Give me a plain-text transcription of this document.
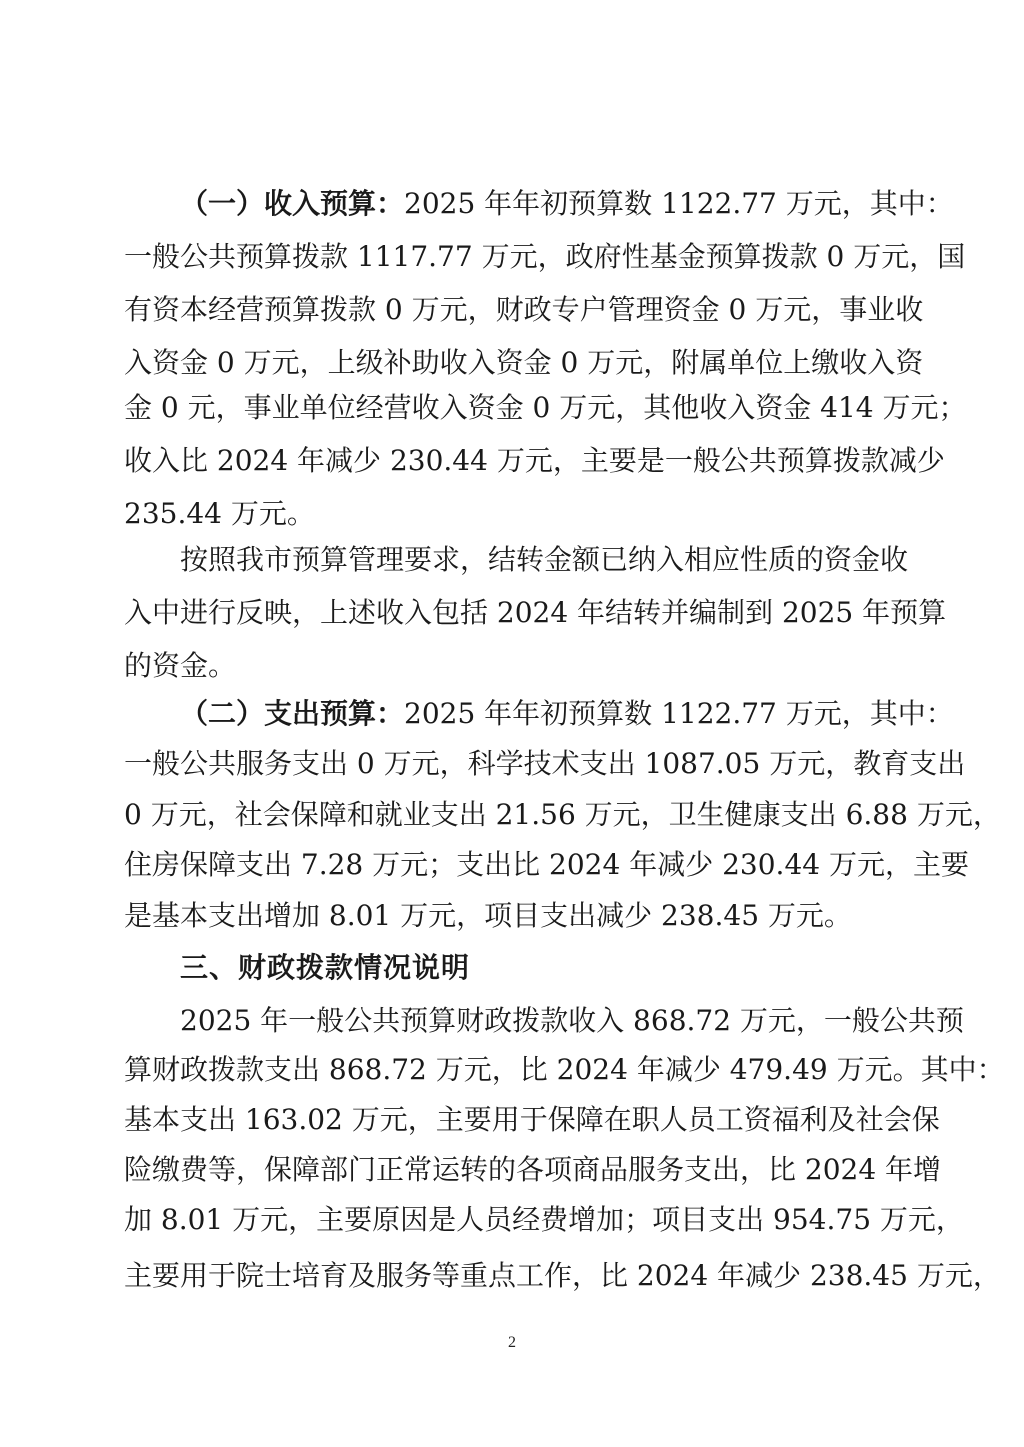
（一）收入预算：2025 年年初预算数 1122.77 万元，其中：
一般公共预算拨款 1117.77 万元，政府性基金预算拨款 0 万元，国
有资本经营预算拨款 0 万元，财政专户管理资金 0 万元，事业收
入资金 0 万元，上级补助收入资金 0 万元，附属单位上缴收入资
金 0 元，事业单位经营收入资金 0 万元，其他收入资金 414 万元；
收入比 2024 年减少 230.44 万元，主要是一般公共预算拨款减少
235.44 万元。
按照我市预算管理要求，结转金额已纳入相应性质的资金收
入中进行反映，上述收入包括 2024 年结转并编制到 2025 年预算
的资金。
（二）支出预算：2025 年年初预算数 1122.77 万元，其中：
一般公共服务支出 0 万元，科学技术支出 1087.05 万元，教育支出
0 万元，社会保障和就业支出 21.56 万元，卫生健康支出 6.88 万元，
住房保障支出 7.28 万元；支出比 2024 年减少 230.44 万元，主要
是基本支出增加 8.01 万元，项目支出减少 238.45 万元。
三、财政拨款情况说明
2025 年一般公共预算财政拨款收入 868.72 万元，一般公共预
算财政拨款支出 868.72 万元，比 2024 年减少 479.49 万元。其中：
基本支出 163.02 万元，主要用于保障在职人员工资福利及社会保
险缴费等，保障部门正常运转的各项商品服务支出，比 2024 年增
加 8.01 万元，主要原因是人员经费增加；项目支出 954.75 万元，
主要用于院士培育及服务等重点工作，比 2024 年减少 238.45 万元，
2
